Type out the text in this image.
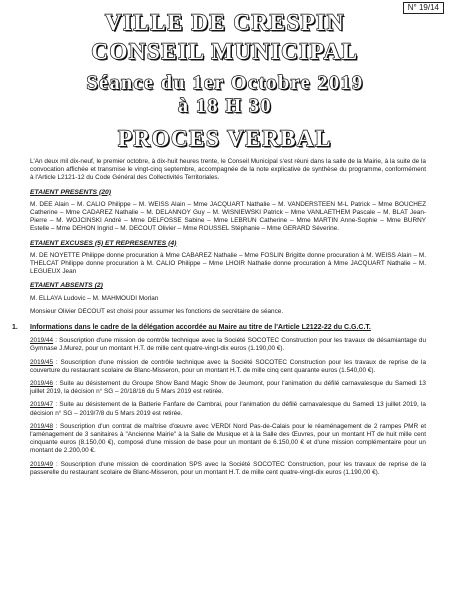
N° 19/14

VILLE DE CRESPIN

CONSEIL MUNICIPAL

Séance du 1er Octobre 2019

à 18 H 30

PROCES VERBAL

L'An deux mil dix-neuf, le premier octobre, à dix-huit heures trente, le Conseil Municipal s'est réuni dans la salle de la Mairie, à la suite de la convocation affichée et transmise le vingt-cinq septembre, accompagnée de la note explicative de synthèse du programme, conformément à l'Article L2121-12 du Code Général des Collectivités Territoriales.

ETAIENT PRESENTS (20)

M. DEE Alain – M. CALIO Philippe – M. WEISS Alain – Mme JACQUART Nathalie – M. VANDERSTEEN M-L Patrick – Mme BOUCHEZ Catherine – Mme CADAREZ Nathalie – M. DELANNOY Guy – M. WISNIEWSKI Patrick – Mme VANLAETHEM Pascale – M. BLAT Jean-Pierre – M. WOJCINSKI André – Mme DELFOSSE Sabine – Mme LEBRUN Catherine – Mme MARTIN Anne-Sophie – Mme BURNY Estelle – Mme DEHON Ingrid – M. DECOUT Olivier – Mme ROUSSEL Stéphanie – Mme GERARD Séverine.

ETAIENT EXCUSES (5) ET REPRESENTES (4)

M. DE NOYETTE Philippe donne procuration à Mme CABAREZ Nathalie – Mme FOSLIN Brigitte donne procuration à M. WEISS Alain – M. THELCAT Philippe donne procuration à M. CALIO Philippe – Mme LHOIR Nathalie donne procuration à Mme JACQUART Nathalie – M. LEGUEUX Jean

ETAIENT ABSENTS (2)

M. ELLAYA Ludovic – M. MAHMOUDI Morlan

Monsieur Olivier DECOUT est choisi pour assumer les fonctions de secrétaire de séance.

1. Informations dans le cadre de la délégation accordée au Maire au titre de l'Article L2122-22 du C.G.C.T.

2019/44 : Souscription d'une mission de contrôle technique avec la Société SOCOTEC Construction pour les travaux de désamiantage du Gymnase J.Murez, pour un montant H.T. de mille cent quatre-vingt-dix euros (1.190,00 €).

2019/45 : Souscription d'une mission de contrôle technique avec la Société SOCOTEC Construction pour les travaux de reprise de la couverture du restaurant scolaire de Blanc-Misseron, pour un montant H.T. de mille cinq cent quarante euros (1.540,00 €).

2019/46 : Suite au désistement du Groupe Show Band Magic Show de Jeumont, pour l'animation du défilé carnavalesque du Samedi 13 juillet 2019, la décision n° SG – 20/18/16 du 5 Mars 2019 est retirée.

2019/47 : Suite au désistement de la Batterie Fanfare de Cambrai, pour l'animation du défilé carnavalesque du Samedi 13 juillet 2019, la décision n° SG – 2019/7/8 du 5 Mars 2019 est retirée.

2019/48 : Souscription d'un contrat de maîtrise d'œuvre avec VERDI Nord Pas-de-Calais pour le réaménagement de 2 rampes PMR et l'aménagement de 3 sanitaires à "Ancienne Mairie" à la Salle de Musique et à la Salle des Œuvres, pour un montant HT de huit mille cent cinquante euros (8.150,00 €), composé d'une mission de base pour un montant de 6.150,00 € et d'une mission complémentaire pour un montant de 2.200,00 €.

2019/49 : Souscription d'une mission de coordination SPS avec la Société SOCOTEC Construction, pour les travaux de reprise de la passerelle du restaurant scolaire de Blanc-Misseron, pour un montant H.T. de mille cent quatre-vingt-dix euros (1.190,00 €).
